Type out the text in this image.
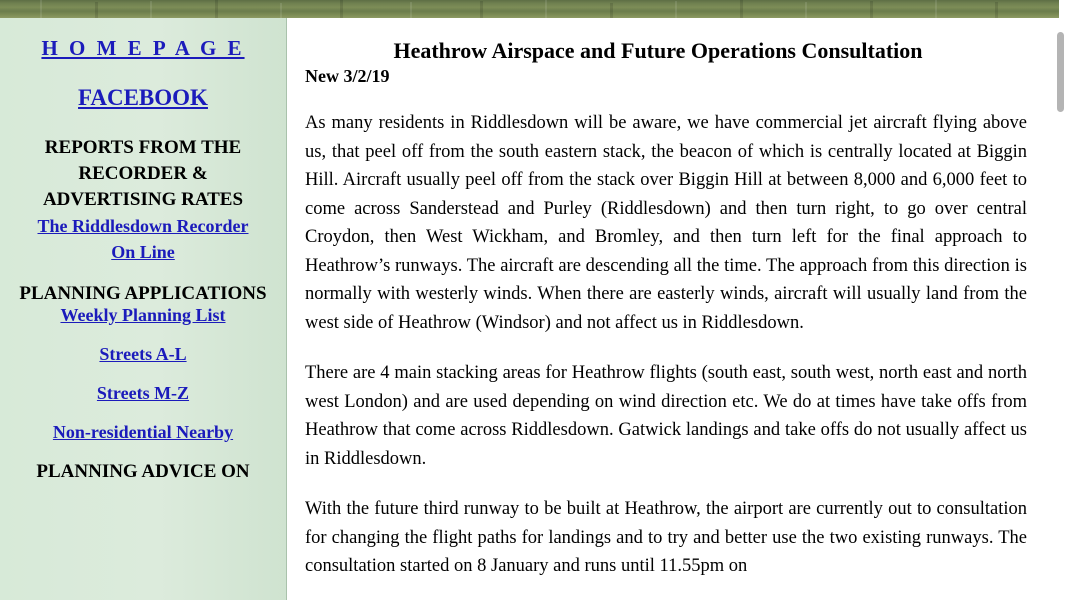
H O M E P A G E
FACEBOOK
REPORTS FROM THE
RECORDER &
ADVERTISING RATES
The Riddlesdown Recorder
On Line
PLANNING APPLICATIONS
Weekly Planning List
Streets A-L
Streets M-Z
Non-residential Nearby
PLANNING ADVICE ON
Heathrow Airspace and Future Operations Consultation
New 3/2/19

As many residents in Riddlesdown will be aware, we have commercial jet aircraft flying above us, that peel off from the south eastern stack, the beacon of which is centrally located at Biggin Hill. Aircraft usually peel off from the stack over Biggin Hill at between 8,000 and 6,000 feet to come across Sanderstead and Purley (Riddlesdown) and then turn right, to go over central Croydon, then West Wickham, and Bromley, and then turn left for the final approach to Heathrow’s runways. The aircraft are descending all the time. The approach from this direction is normally with westerly winds. When there are easterly winds, aircraft will usually land from the west side of Heathrow (Windsor) and not affect us in Riddlesdown.

There are 4 main stacking areas for Heathrow flights (south east, south west, north east and north west London) and are used depending on wind direction etc. We do at times have take offs from Heathrow that come across Riddlesdown. Gatwick landings and take offs do not usually affect us in Riddlesdown.

With the future third runway to be built at Heathrow, the airport are currently out to consultation for changing the flight paths for landings and to try and better use the two existing runways. The consultation started on 8 January and runs until 11.55pm on
